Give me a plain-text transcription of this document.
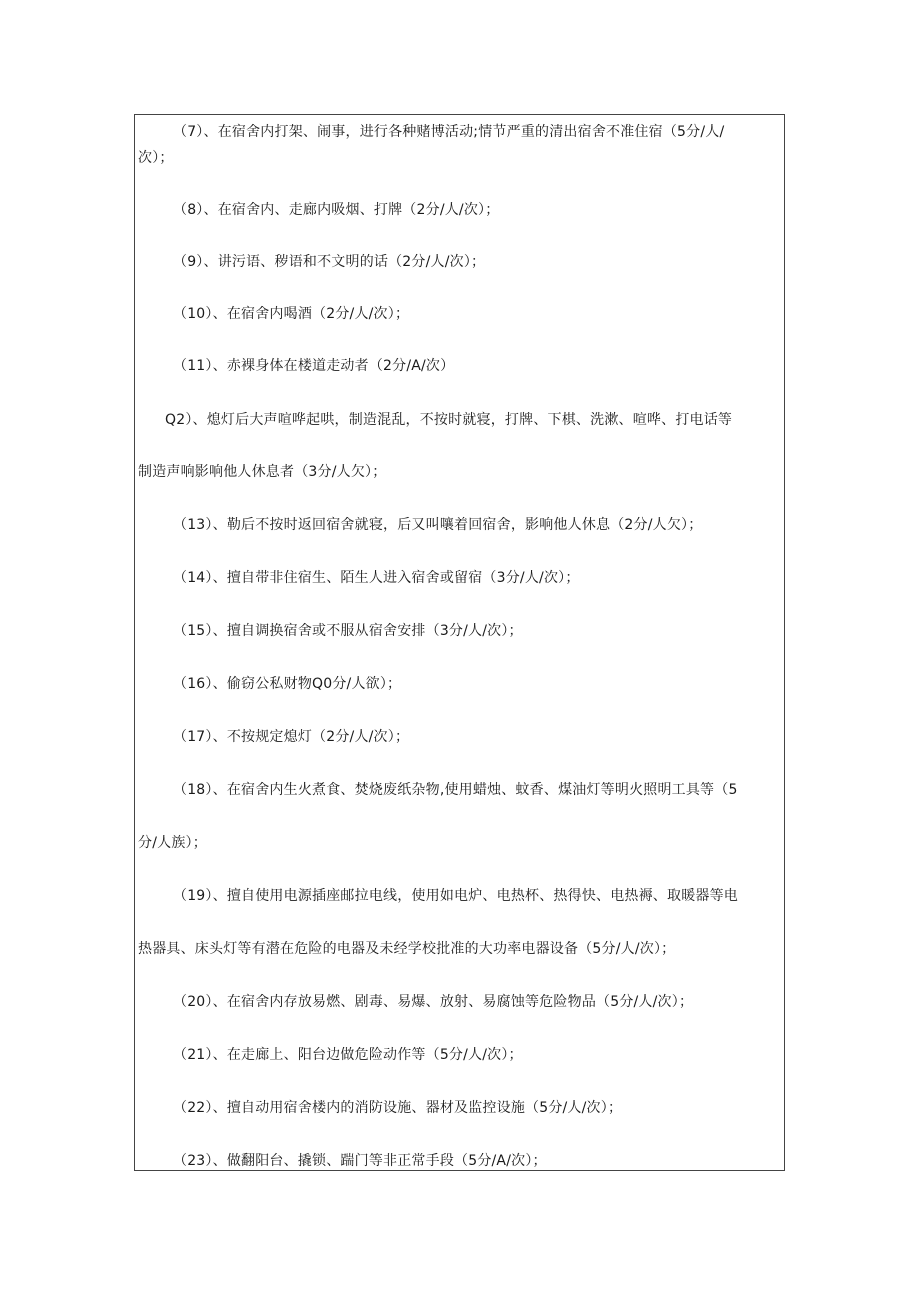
（7）、在宿舍内打架、闹事，进行各种赌博活动;情节严重的清出宿舍不准住宿（5分/人/
次）；
（8）、在宿舍内、走廊内吸烟、打牌（2分/人/次）；
（9）、讲污语、秽语和不文明的话（2分/人/次）；
（10）、在宿舍内喝酒（2分/人/次）；
（11）、赤裸身体在楼道走动者（2分/A/次）
Q2）、熄灯后大声喧哗起哄，制造混乱，不按时就寝，打牌、下棋、洗漱、喧哗、打电话等
制造声响影响他人休息者（3分/人欠）；
（13）、勒后不按时返回宿舍就寝，后又叫嚷着回宿舍，影响他人休息（2分/人欠）；
（14）、擅自带非住宿生、陌生人进入宿舍或留宿（3分/人/次）；
（15）、擅自调换宿舍或不服从宿舍安排（3分/人/次）；
（16）、偷窃公私财物Q0分/人欲）；
（17）、不按规定熄灯（2分/人/次）；
（18）、在宿舍内生火煮食、焚烧废纸杂物,使用蜡烛、蚊香、煤油灯等明火照明工具等（5
分/人族）；
（19）、擅自使用电源插座邮拉电线，使用如电炉、电热杯、热得快、电热褥、取暖器等电
热器具、床头灯等有潜在危险的电器及未经学校批准的大功率电器设备（5分/人/次）；
（20）、在宿舍内存放易燃、剧毒、易爆、放射、易腐蚀等危险物品（5分/人/次）；
（21）、在走廊上、阳台边做危险动作等（5分/人/次）；
（22）、擅自动用宿舍楼内的消防设施、器材及监控设施（5分/人/次）；
（23）、做翻阳台、撬锁、踹门等非正常手段（5分/A/次）；
